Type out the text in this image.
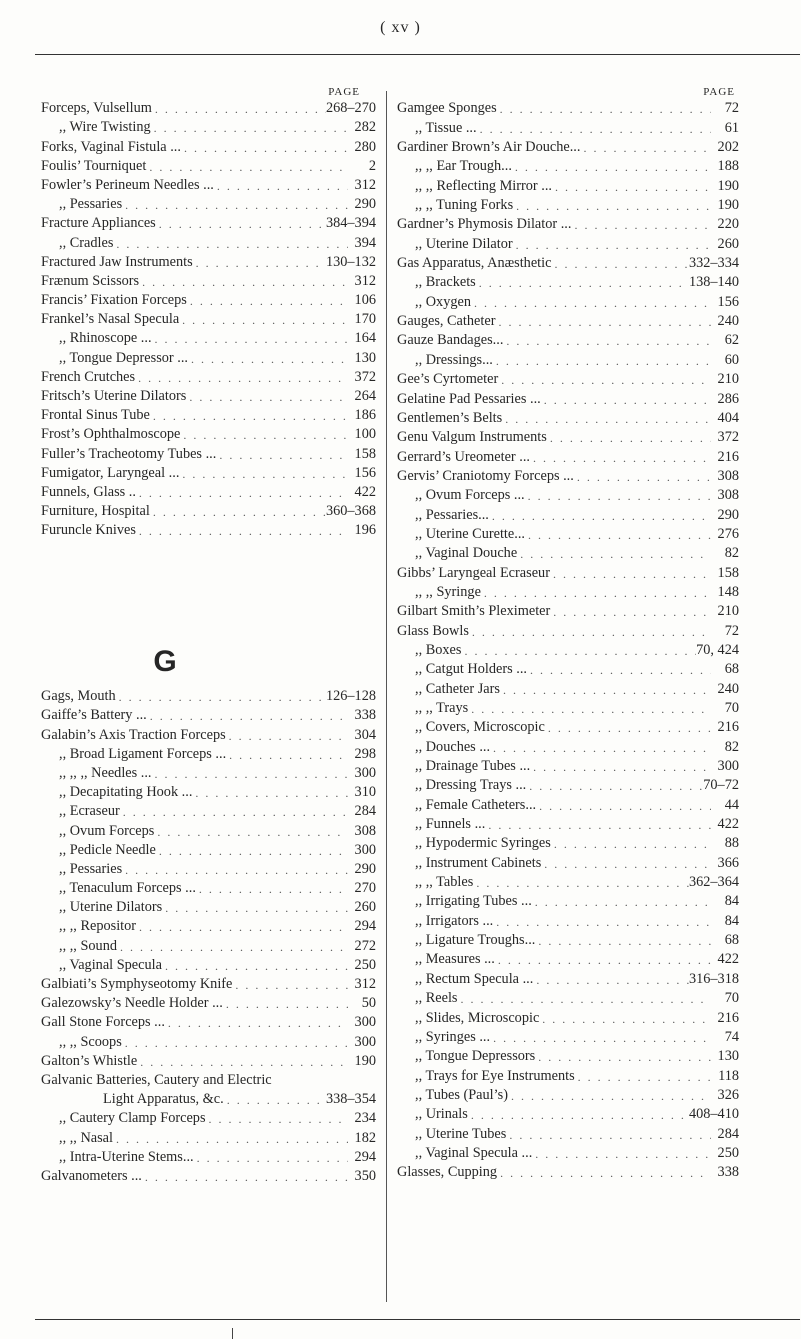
( xv )
PAGE
Forceps, Vulsellum . . .	268–270
,, Wire Twisting . . .	282
Forks, Vaginal Fistula ... . . .	280
Foulis’ Tourniquet . . .	2
Fowler’s Perineum Needles ... . . .	312
,, Pessaries . . .	290
Fracture Appliances . . .	384–394
,, Cradles . . .	394
Fractured Jaw Instruments . . .	130–132
Frænum Scissors . . .	312
Francis’ Fixation Forceps . . .	106
Frankel’s Nasal Specula . . .	170
,, Rhinoscope ... . . .	164
,, Tongue Depressor ... . . .	130
French Crutches . . .	372
Fritsch’s Uterine Dilators . . .	264
Frontal Sinus Tube . . .	186
Frost’s Ophthalmoscope . . .	100
Fuller’s Tracheotomy Tubes ... . . .	158
Fumigator, Laryngeal ... . . .	156
Funnels, Glass .. . . .	422
Furniture, Hospital . . .	360–368
Furuncle Knives . . .	196
G
Gags, Mouth . . .	126–128
Gaiffe’s Battery ... . . .	338
Galabin’s Axis Traction Forceps . . .	304
,, Broad Ligament Forceps ... . . .	298
,, ,, ,, Needles ... . . .	300
,, Decapitating Hook ... . . .	310
,, Ecraseur . . .	284
,, Ovum Forceps . . .	308
,, Pedicle Needle . . .	300
,, Pessaries . . .	290
,, Tenaculum Forceps ... . . .	270
,, Uterine Dilators . . .	260
,, ,, Repositor . . .	294
,, ,, Sound . . .	272
,, Vaginal Specula . . .	250
Galbiati’s Symphyseotomy Knife . . .	312
Galezowsky’s Needle Holder ... . . .	50
Gall Stone Forceps ... . . .	300
,, ,, Scoops . . .	300
Galton’s Whistle . . .	190
Galvanic Batteries, Cautery and Electric
Light Apparatus, &c. . . .	338–354
,, Cautery Clamp Forceps . . .	234
,, ,, Nasal . . .	182
,, Intra-Uterine Stems... . . .	294
Galvanometers ... . . .	350
PAGE
Gamgee Sponges . . .	72
,, Tissue ... . . .	61
Gardiner Brown’s Air Douche... . . .	202
,, ,, Ear Trough... . . .	188
,, ,, Reflecting Mirror ... . . .	190
,, ,, Tuning Forks . . .	190
Gardner’s Phymosis Dilator ... . . .	220
,, Uterine Dilator . . .	260
Gas Apparatus, Anæsthetic . . .	332–334
,, Brackets . . .	138–140
,, Oxygen . . .	156
Gauges, Catheter . . .	240
Gauze Bandages... . . .	62
,, Dressings... . . .	60
Gee’s Cyrtometer . . .	210
Gelatine Pad Pessaries ... . . .	286
Gentlemen’s Belts . . .	404
Genu Valgum Instruments . . .	372
Gerrard’s Ureometer ... . . .	216
Gervis’ Craniotomy Forceps ... . . .	308
,, Ovum Forceps ... . . .	308
,, Pessaries... . . .	290
,, Uterine Curette... . . .	276
,, Vaginal Douche . . .	82
Gibbs’ Laryngeal Ecraseur . . .	158
,, ,, Syringe . . .	148
Gilbart Smith’s Pleximeter . . .	210
Glass Bowls . . .	72
,, Boxes . . .	70, 424
,, Catgut Holders ... . . .	68
,, Catheter Jars . . .	240
,, ,, Trays . . .	70
,, Covers, Microscopic . . .	216
,, Douches ... . . .	82
,, Drainage Tubes ... . . .	300
,, Dressing Trays ... . . .	70–72
,, Female Catheters... . . .	44
,, Funnels ... . . .	422
,, Hypodermic Syringes . . .	88
,, Instrument Cabinets . . .	366
,, ,, Tables . . .	362–364
,, Irrigating Tubes ... . . .	84
,, Irrigators ... . . .	84
,, Ligature Troughs... . . .	68
,, Measures ... . . .	422
,, Rectum Specula ... . . .	316–318
,, Reels . . .	70
,, Slides, Microscopic . . .	216
,, Syringes ... . . .	74
,, Tongue Depressors . . .	130
,, Trays for Eye Instruments . . .	118
,, Tubes (Paul’s) . . .	326
,, Urinals . . .	408–410
,, Uterine Tubes . . .	284
,, Vaginal Specula ... . . .	250
Glasses, Cupping . . .	338
